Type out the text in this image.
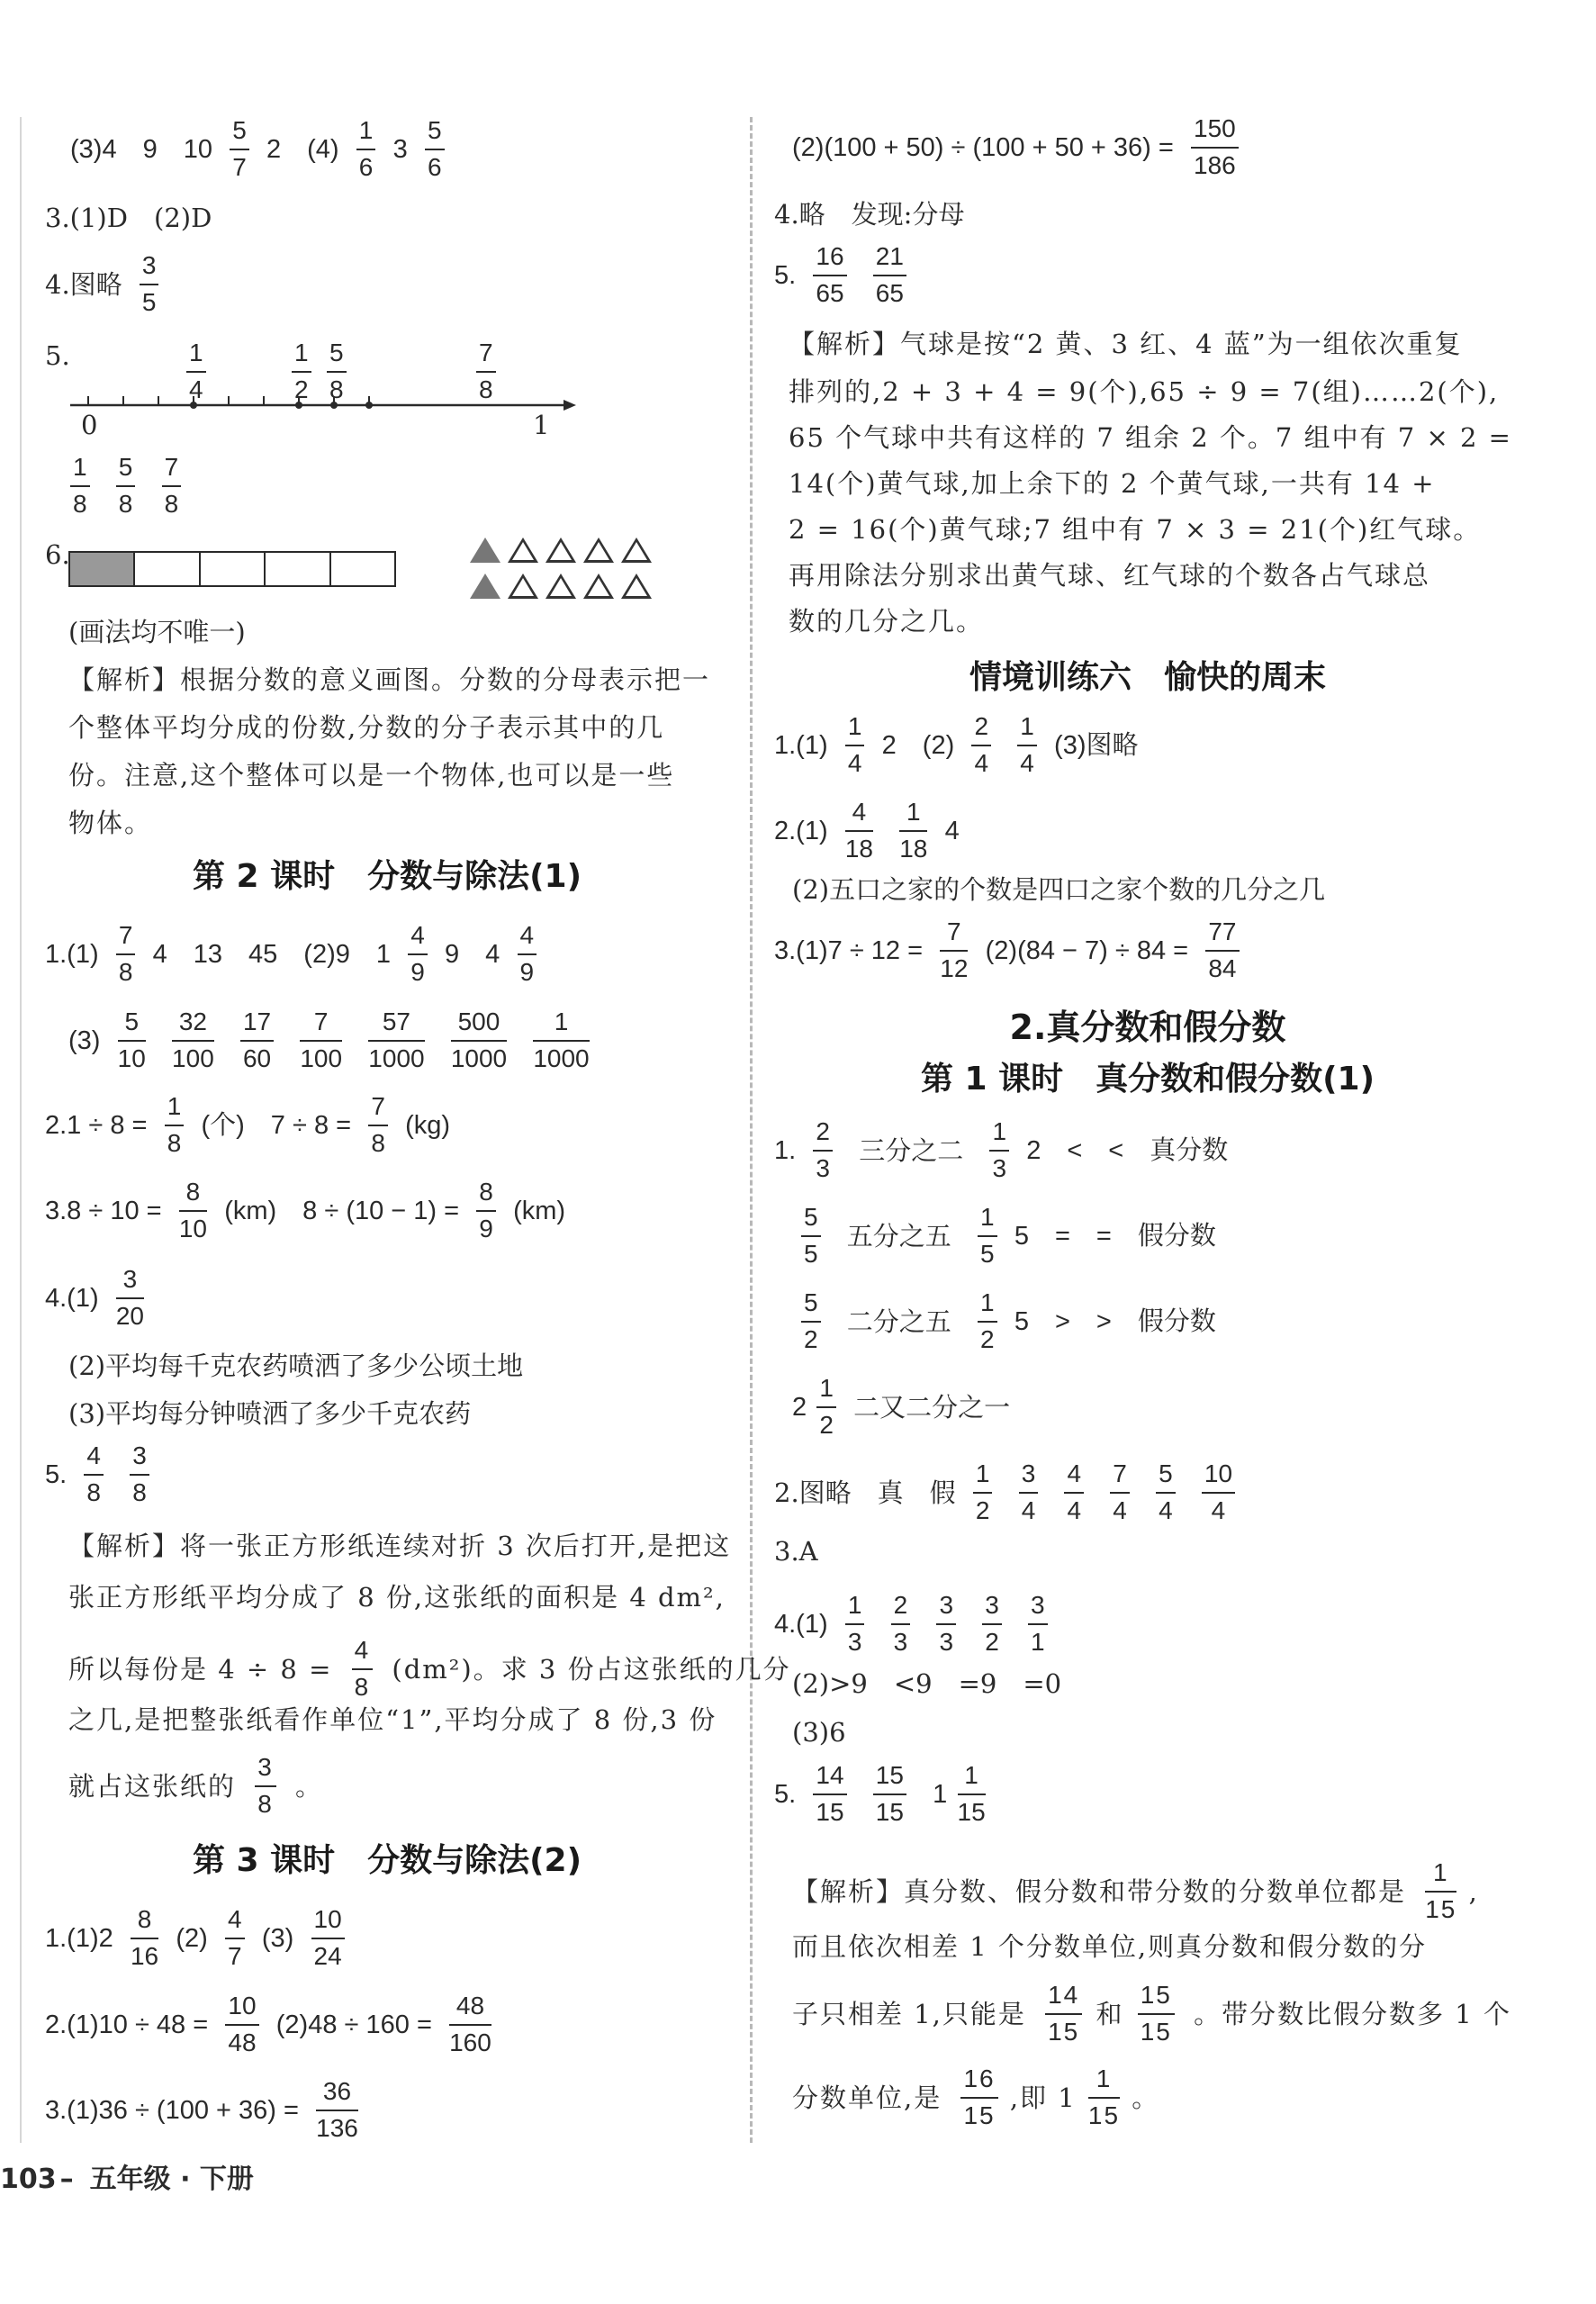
(3)4　9　$10 \frac{5}{7} 2$　$(4) \frac{1}{6} 3 \frac{5}{6}$
3.(1)D　(2)D
4.图略 $\frac{3}{5}$
5.
0	1
$\frac{1}{4}$	$\frac{1}{2} \frac{5}{8}$	$\frac{7}{8}$
$\frac{1}{8}$
$\frac{5}{8}$
$\frac{7}{8}$
6.
(画法均不唯一)
【解析】根据分数的意义画图。分数的分母表示把一
个整体平均分成的份数,分数的分子表示其中的几
份。注意,这个整体可以是一个物体,也可以是一些
物体。
第 2 课时　分数与除法(1)
$1.(1) \frac{7}{8} 4$　13　45　(2)9　$1 \frac{4}{9} 9$　$4 \frac{4}{9}$
$(3) \frac{5}{10}$
$\frac{32}{100}$
$\frac{17}{60}$
$\frac{7}{100}$
$\frac{57}{1000}$
$\frac{500}{1000}$
$\frac{1}{1000}$
$2.1 \div 8 = \frac{1}{8}$ (个)　$7 \div 8 = \frac{7}{8} (kg)$
$3.8 \div 10 = \frac{8}{10} (km)$　$8 \div (10 - 1) = \frac{8}{9} (km)$
$4.(1) \frac{3}{20}$
(2)平均每千克农药喷洒了多少公顷土地
(3)平均每分钟喷洒了多少千克农药
5. $\frac{4}{8}$
$\frac{3}{8}$
【解析】将一张正方形纸连续对折 3 次后打开,是把这
张正方形纸平均分成了 8 份,这张纸的面积是 4 dm²,
所以每份是 $4 \div 8 = \frac{4}{8} (dm^2)$。求 3 份占这张纸的几分
之几,是把整张纸看作单位“1”,平均分成了 8 份,3 份
就占这张纸的 $\frac{3}{8}$ 。
第 3 课时　分数与除法(2)
$1.(1)2 \frac{8}{16} (2) \frac{4}{7} (3) \frac{10}{24}$
$2.(1)10 \div 48 = \frac{10}{48} (2)48 \div 160 = \frac{48}{160}$
$3.(1)36 \div (100 + 36) = \frac{36}{136}$
$(2)(100 + 50) \div (100 + 50 + 36) = \frac{150}{186}$
4.略　发现:分母
5. $\frac{16}{65}$
$\frac{21}{65}$
【解析】气球是按“2 黄、3 红、4 蓝”为一组依次重复
排列的,2 + 3 + 4 = 9(个),65 ÷ 9 = 7(组)……2(个),
65 个气球中共有这样的 7 组余 2 个。7 组中有 7 × 2 =
14(个)黄气球,加上余下的 2 个黄气球,一共有 14 +
2 = 16(个)黄气球;7 组中有 7 × 3 = 21(个)红气球。
再用除法分别求出黄气球、红气球的个数各占气球总
数的几分之几。
情境训练六　愉快的周末
$1.(1) \frac{1}{4} 2$　$(2) \frac{2}{4}$
$\frac{1}{4} (3)$图略
$2.(1) \frac{4}{18}$
$\frac{1}{18} 4$
(2)五口之家的个数是四口之家个数的几分之几
$3.(1)7 \div 12 = \frac{7}{12} (2)(84 - 7) \div 84 = \frac{77}{84}$
2.真分数和假分数
第 1 课时　真分数和假分数(1)
1. $\frac{2}{3}$ 三分之二 $\frac{1}{3} 2$　<　<　真分数
$\frac{5}{5}$ 五分之五 $\frac{1}{5} 5$　=　=　假分数
$\frac{5}{2}$ 二分之五 $\frac{1}{2} 5$　>　>　假分数
$2 \frac{1}{2}$ 二又二分之一
2.图略　真　假 $\frac{1}{2}$
$\frac{3}{4}$
$\frac{4}{4}$
$\frac{7}{4}$
$\frac{5}{4}$
$\frac{10}{4}$
3.A
$4.(1) \frac{1}{3}$
$\frac{2}{3}$
$\frac{3}{3}$
$\frac{3}{2}$
$\frac{3}{1}$
(2)>9　<9　=9　=0
(3)6
5. $\frac{14}{15}$
$\frac{15}{15} 1 \frac{1}{15}$
【解析】真分数、假分数和带分数的分数单位都是 $\frac{1}{15}$ ,
而且依次相差 1 个分数单位,则真分数和假分数的分
子只相差 1,只能是 $\frac{14}{15}$ 和 $\frac{15}{15}$ 。带分数比假分数多 1 个
分数单位,是 $\frac{16}{15}$ ,即 $1 \frac{1}{15}$ 。
103 – 五年级 · 下册
